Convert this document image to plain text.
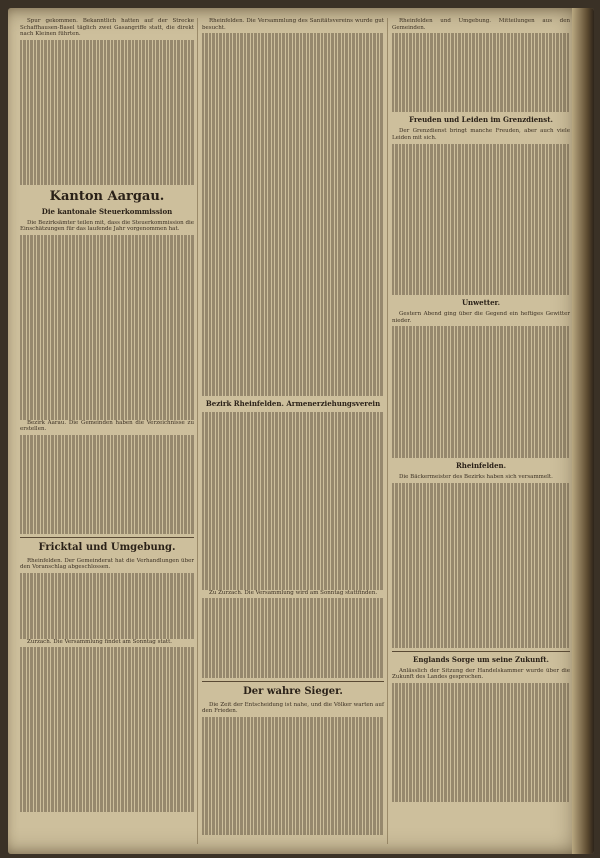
Spur gekommen. Bekanntlich hatten auf der Strecke Schaffhausen-Basel täglich zwei Gasangriffe statt, die direkt nach Kleinen führten.

Kanton Aargau.
Die kantonale Steuerkommission

Die Bezirksämter teilen mit, dass die Steuerkommission die Einschätzungen für das laufende Jahr vorgenommen hat.

Bezirk Aarau. Die Gemeinden haben die Verzeichnisse zu erstellen.

Fricktal und Umgebung.

Rheinfelden. Der Gemeinderat hat die Verhandlungen über den Voranschlag abgeschlossen.

Zurzach. Die Versammlung findet am Sonntag statt.

Rheinfelden. Die Versammlung des Sanitätsvereins wurde gut besucht.

Bezirk Rheinfelden. Armenerziehungsverein

Zu Zurzach. Die Versammlung wird am Sonntag stattfinden.

Der wahre Sieger.

Die Zeit der Entscheidung ist nahe, und die Völker warten auf den Frieden.

Rheinfelden und Umgebung. Mitteilungen aus den Gemeinden.

Freuden und Leiden im Grenzdienst.

Der Grenzdienst bringt manche Freuden, aber auch viele Leiden mit sich.

Unwetter.

Gestern Abend ging über die Gegend ein heftiges Gewitter nieder.

Rheinfelden.

Die Bäckermeister des Bezirks haben sich versammelt.

Englands Sorge um seine Zukunft.

Anlässlich der Sitzung der Handelskammer wurde über die Zukunft des Landes gesprochen.
